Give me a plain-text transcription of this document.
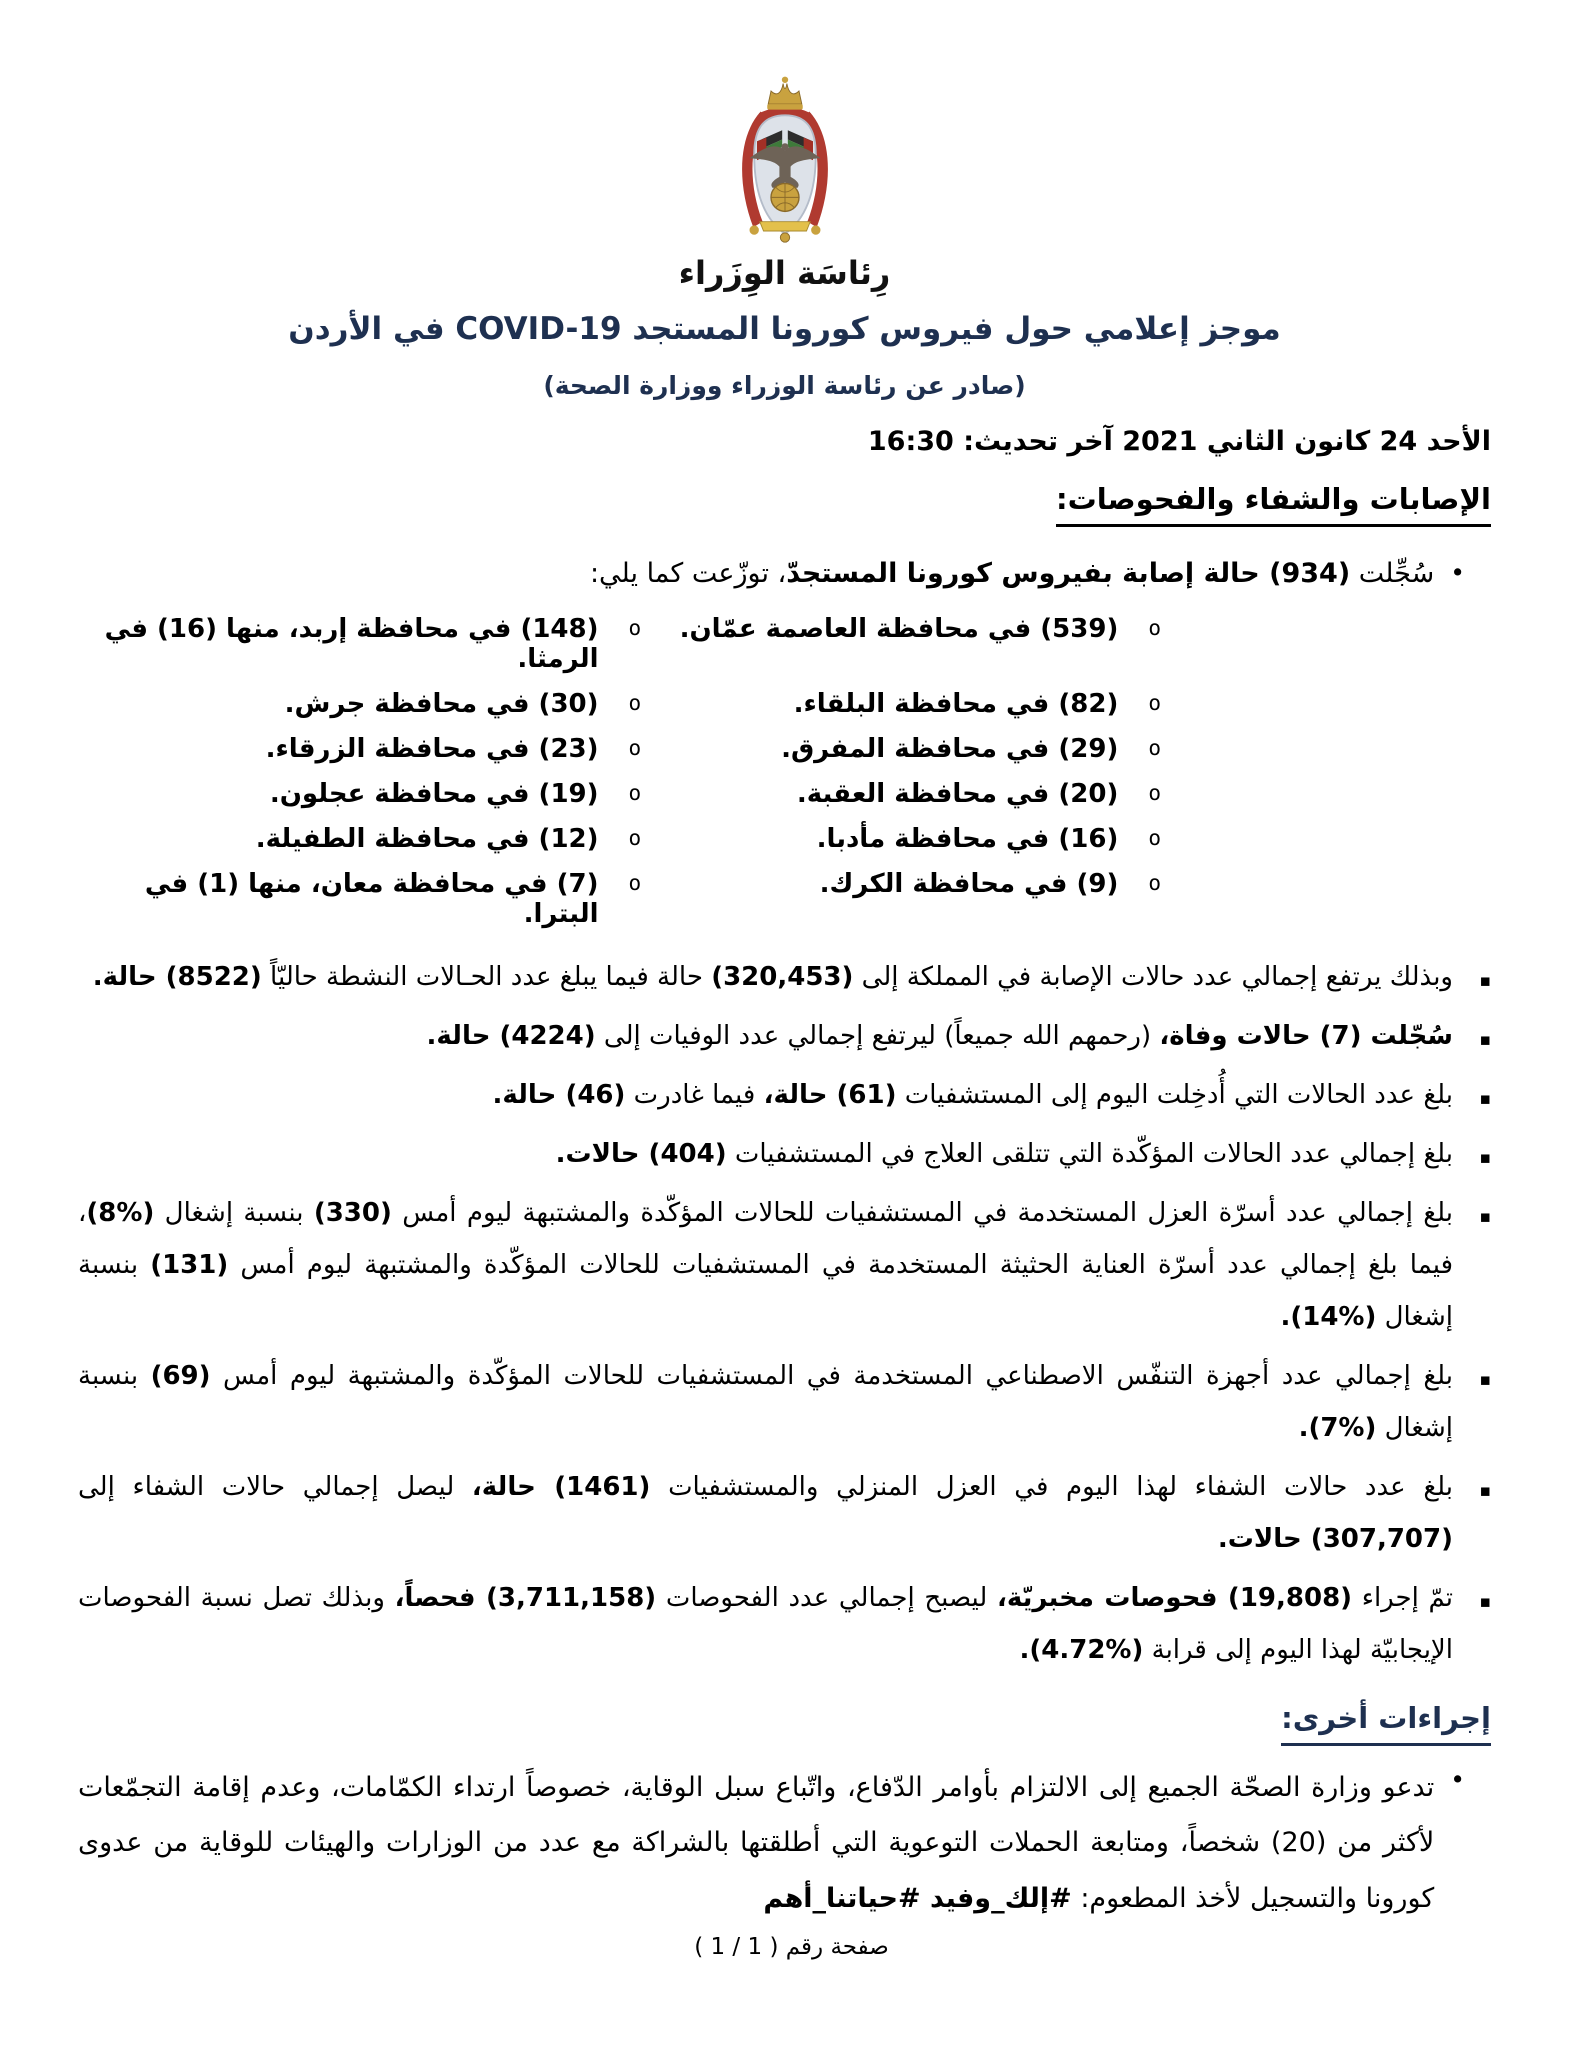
رِئاسَة الوِزَراء
موجز إعلامي حول فيروس كورونا المستجد COVID-19 في الأردن
(صادر عن رئاسة الوزراء ووزارة الصحة)
الأحد 24 كانون الثاني 2021 آخر تحديث: 16:30
الإصابات والشفاء والفحوصات:
•
سُجِّلت (934) حالة إصابة بفيروس كورونا المستجدّ، توزّعت كما يلي:
o
(539) في محافظة العاصمة عمّان.
o
(148) في محافظة إربد، منها (16) في الرمثا.
o
(82) في محافظة البلقاء.
o
(30) في محافظة جرش.
o
(29) في محافظة المفرق.
o
(23) في محافظة الزرقاء.
o
(20) في محافظة العقبة.
o
(19) في محافظة عجلون.
o
(16) في محافظة مأدبا.
o
(12) في محافظة الطفيلة.
o
(9) في محافظة الكرك.
o
(7) في محافظة معان، منها (1) في البترا.
▪
وبذلك يرتفع إجمالي عدد حالات الإصابة في المملكة إلى (320,453) حالة فيما يبلغ عدد الحـالات النشطة حاليّاً (8522) حالة.
▪
سُجّلت (7) حالات وفاة، (رحمهم الله جميعاً) ليرتفع إجمالي عدد الوفيات إلى (4224) حالة.
▪
بلغ عدد الحالات التي أُدخِلت اليوم إلى المستشفيات (61) حالة، فيما غادرت (46) حالة.
▪
بلغ إجمالي عدد الحالات المؤكّدة التي تتلقى العلاج في المستشفيات (404) حالات.
▪
بلغ إجمالي عدد أسرّة العزل المستخدمة في المستشفيات للحالات المؤكّدة والمشتبهة ليوم أمس (330) بنسبة إشغال (%8)، فيما بلغ إجمالي عدد أسرّة العناية الحثيثة المستخدمة في المستشفيات للحالات المؤكّدة والمشتبهة ليوم أمس (131) بنسبة إشغال (%14).
▪
بلغ إجمالي عدد أجهزة التنفّس الاصطناعي المستخدمة في المستشفيات للحالات المؤكّدة والمشتبهة ليوم أمس (69) بنسبة إشغال (%7).
▪
بلغ عدد حالات الشفاء لهذا اليوم في العزل المنزلي والمستشفيات (1461) حالة، ليصل إجمالي حالات الشفاء إلى (307,707) حالات.
▪
تمّ إجراء (19,808) فحوصات مخبريّة، ليصبح إجمالي عدد الفحوصات (3,711,158) فحصاً، وبذلك تصل نسبة الفحوصات الإيجابيّة لهذا اليوم إلى قرابة (%4.72).
إجراءات أخرى:
•
تدعو وزارة الصحّة الجميع إلى الالتزام بأوامر الدّفاع، واتّباع سبل الوقاية، خصوصاً ارتداء الكمّامات، وعدم إقامة التجمّعات لأكثر من (20) شخصاً، ومتابعة الحملات التوعوية التي أطلقتها بالشراكة مع عدد من الوزارات والهيئات للوقاية من عدوى كورونا والتسجيل لأخذ المطعوم: #إلك_وفيد #حياتنا_أهم
صفحة رقم ( 1 / 1 )
